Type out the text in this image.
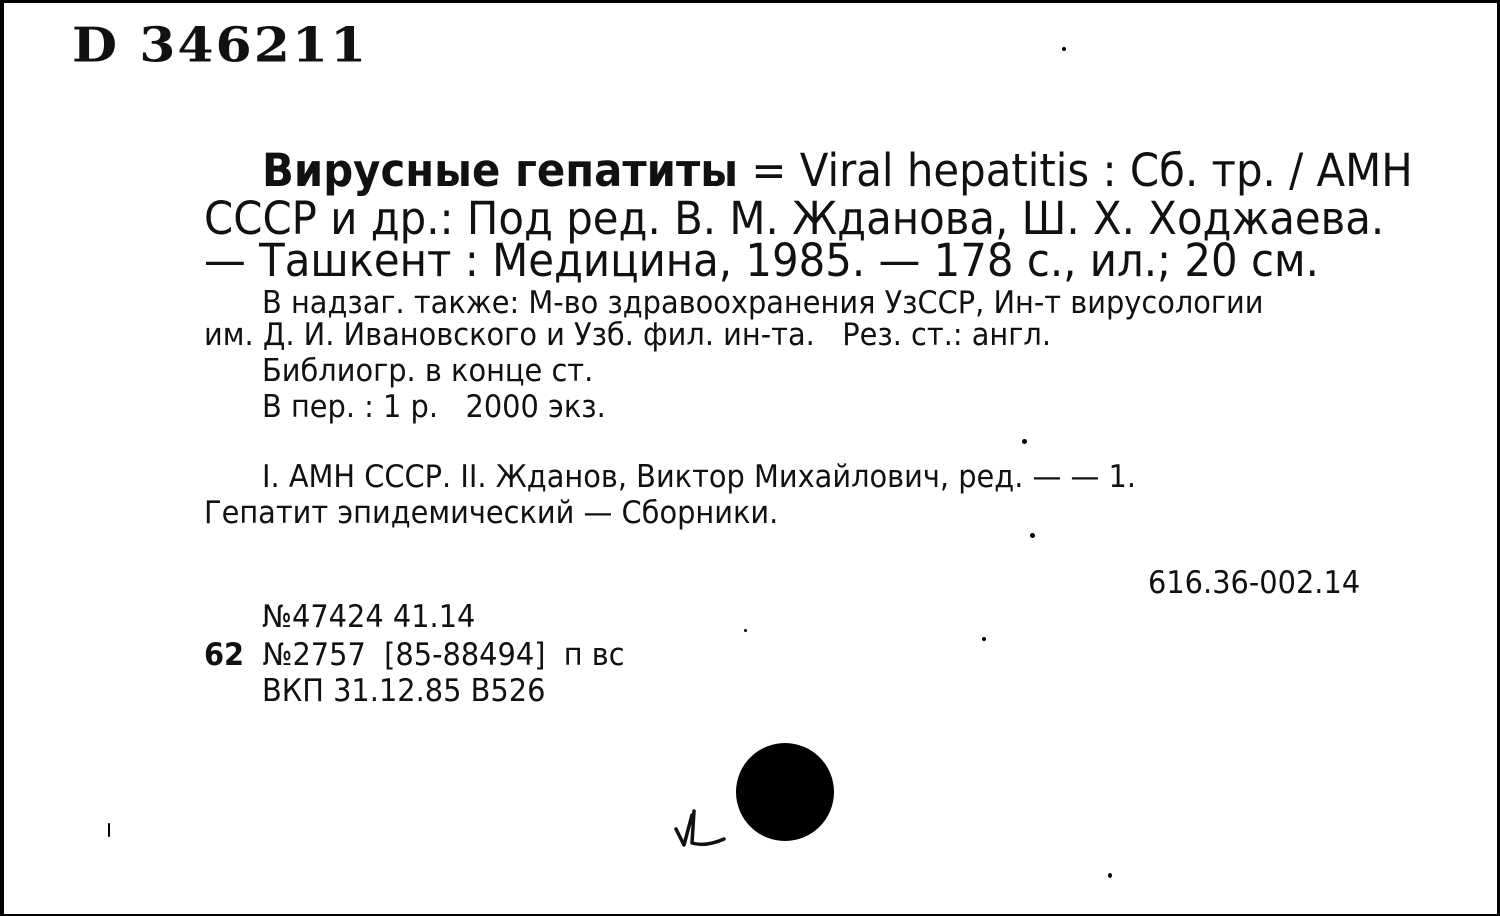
D 346211
Вирусные гепатиты = Viral hepatitis : Сб. тр. / АМН
СССР и др.: Под ред. В. М. Жданова, Ш. Х. Ходжаева.
— Ташкент : Медицина, 1985. — 178 с., ил.; 20 см.
В надзаг. также: М-во здравоохранения УзССР, Ин-т вирусологии
им. Д. И. Ивановского и Узб. фил. ин-та.   Рез. ст.: англ.
Библиогр. в конце ст.
В пер. : 1 р.   2000 экз.
I. АМН СССР. II. Жданов, Виктор Михайлович, ред. — — 1.
Гепатит эпидемический — Сборники.
616.36-002.14
№47424 41.14
62 №2757  [85-88494]  п вс
ВКП 31.12.85 В526
